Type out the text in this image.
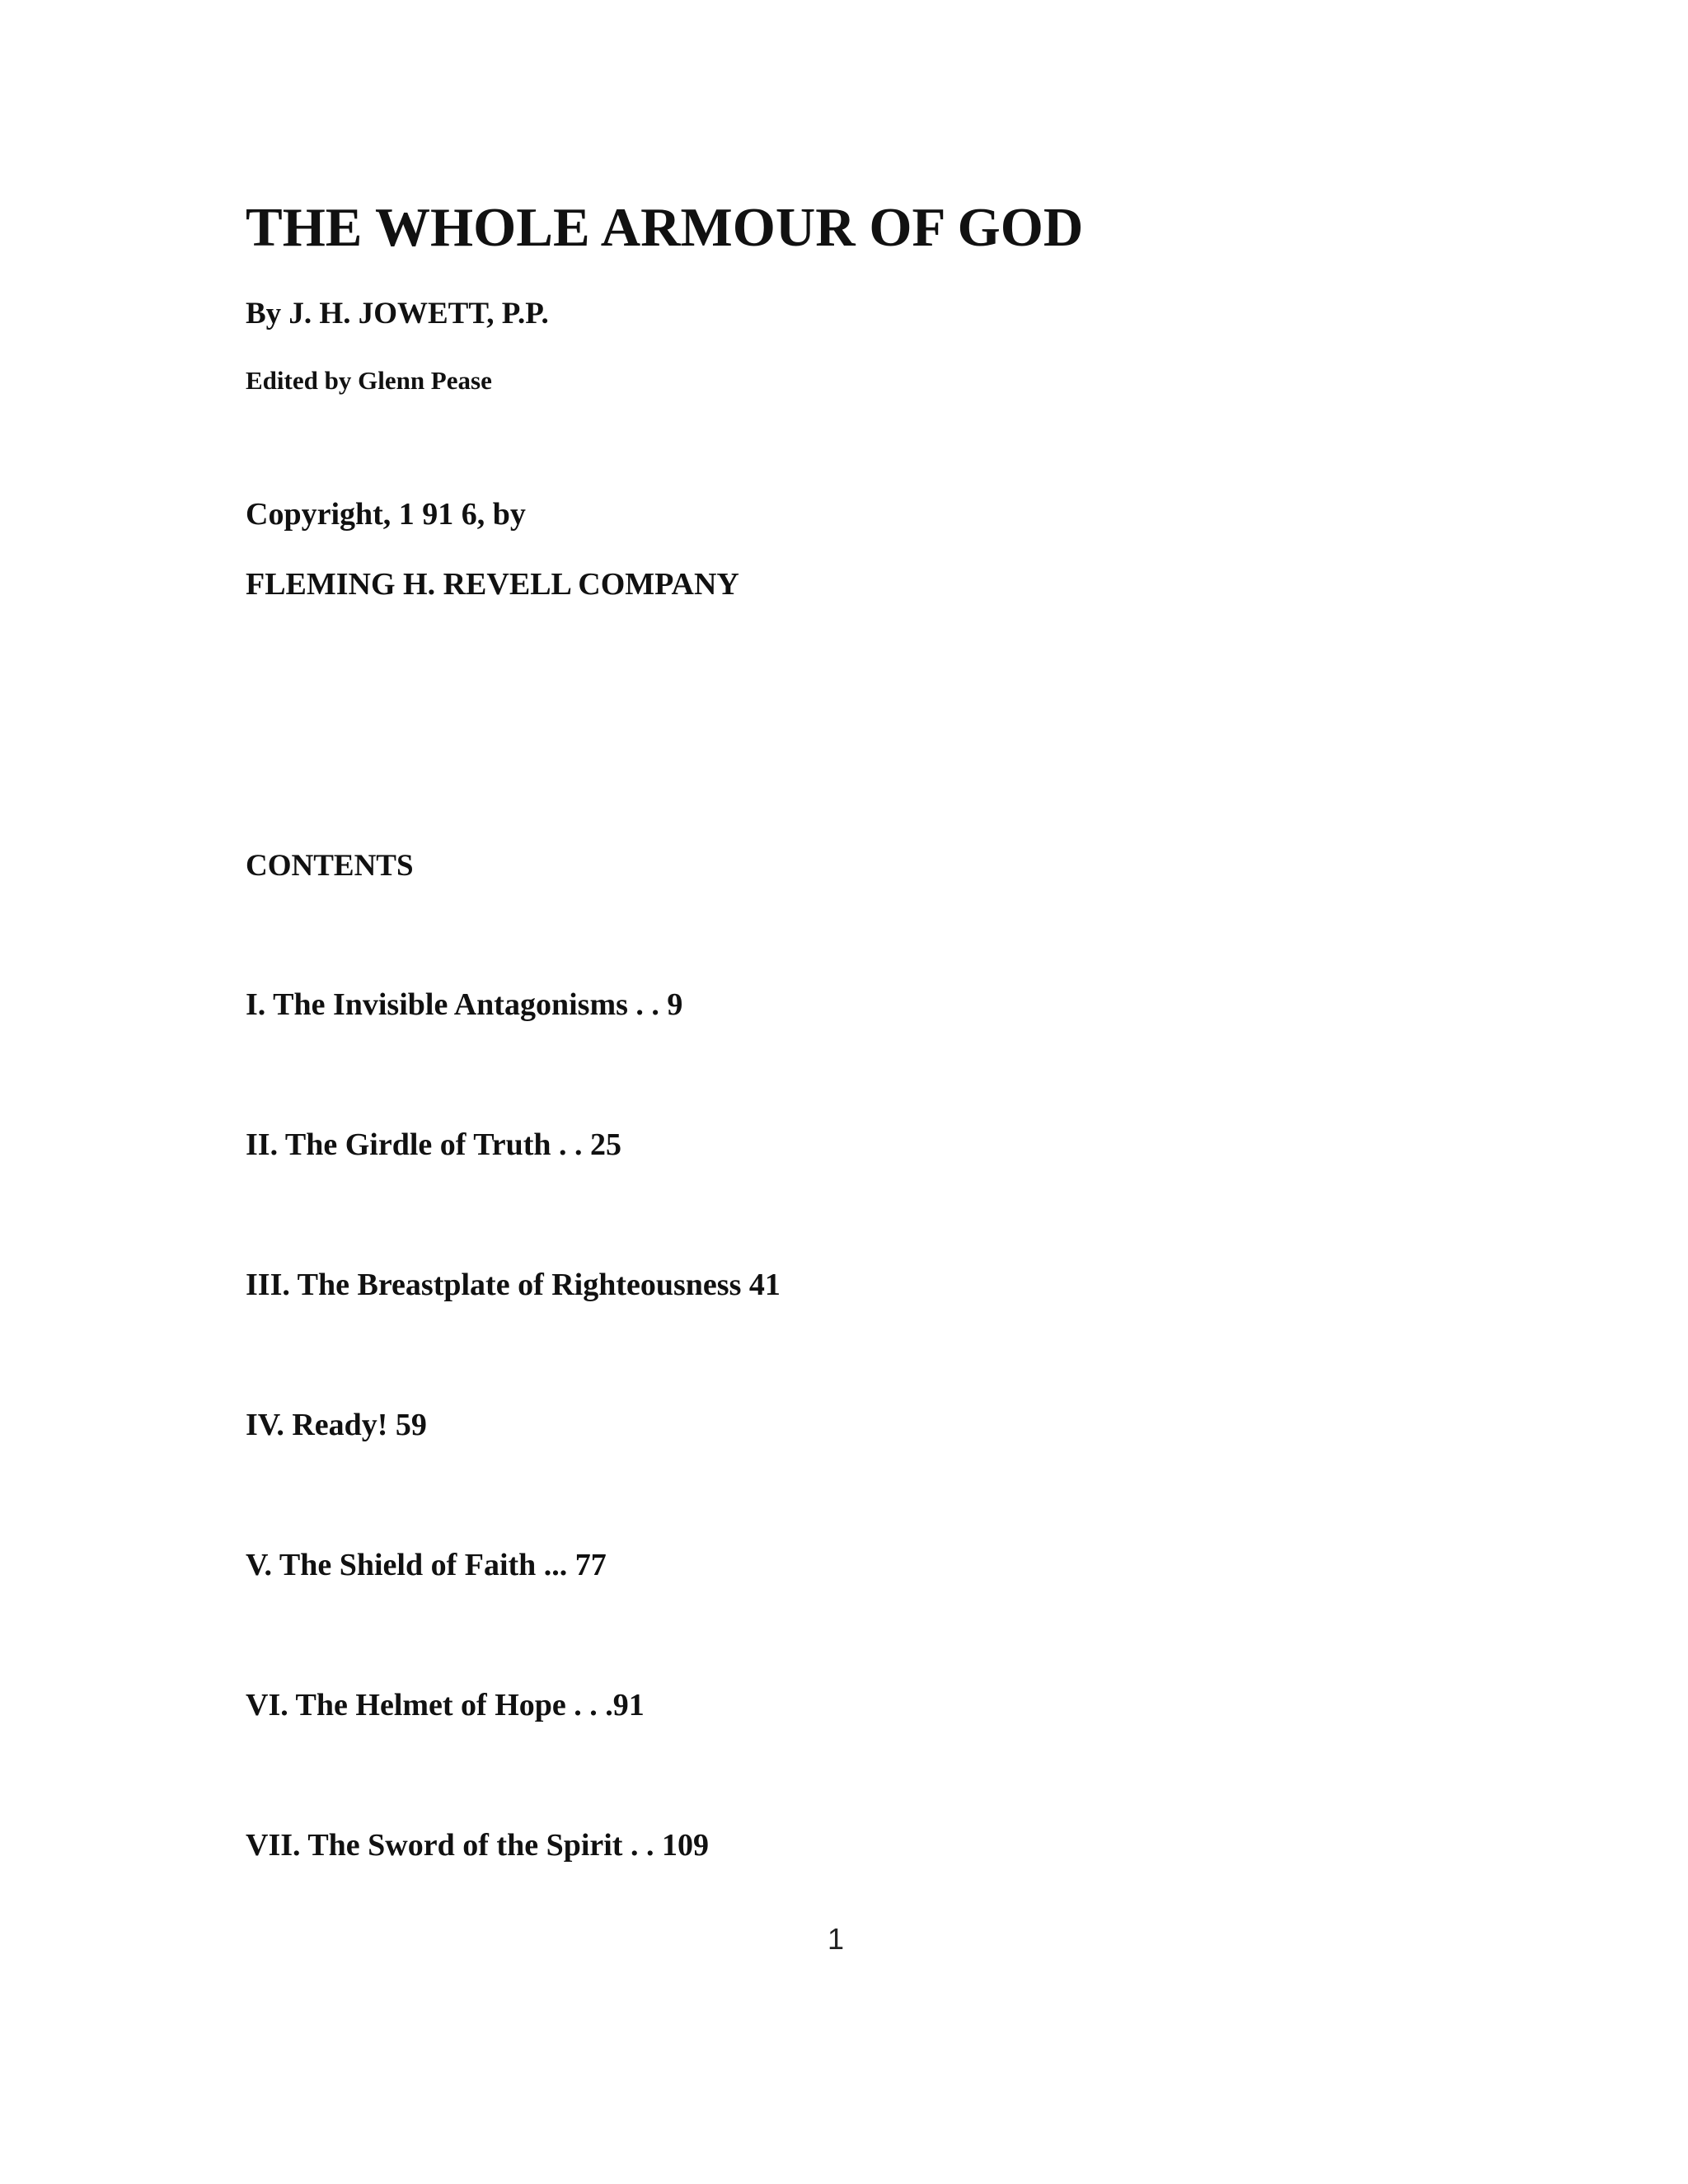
THE WHOLE ARMOUR OF GOD

By J. H. JOWETT, P.P.

Edited by Glenn Pease

Copyright, 1 91 6, by

FLEMING H. REVELL COMPANY

CONTENTS

I. The Invisible Antagonisms . . 9

II. The Girdle of Truth . . 25

III. The Breastplate of Righteousness 41

IV. Ready! 59

V. The Shield of Faith ... 77

VI. The Helmet of Hope . . .91

VII. The Sword of the Spirit . . 109

1
